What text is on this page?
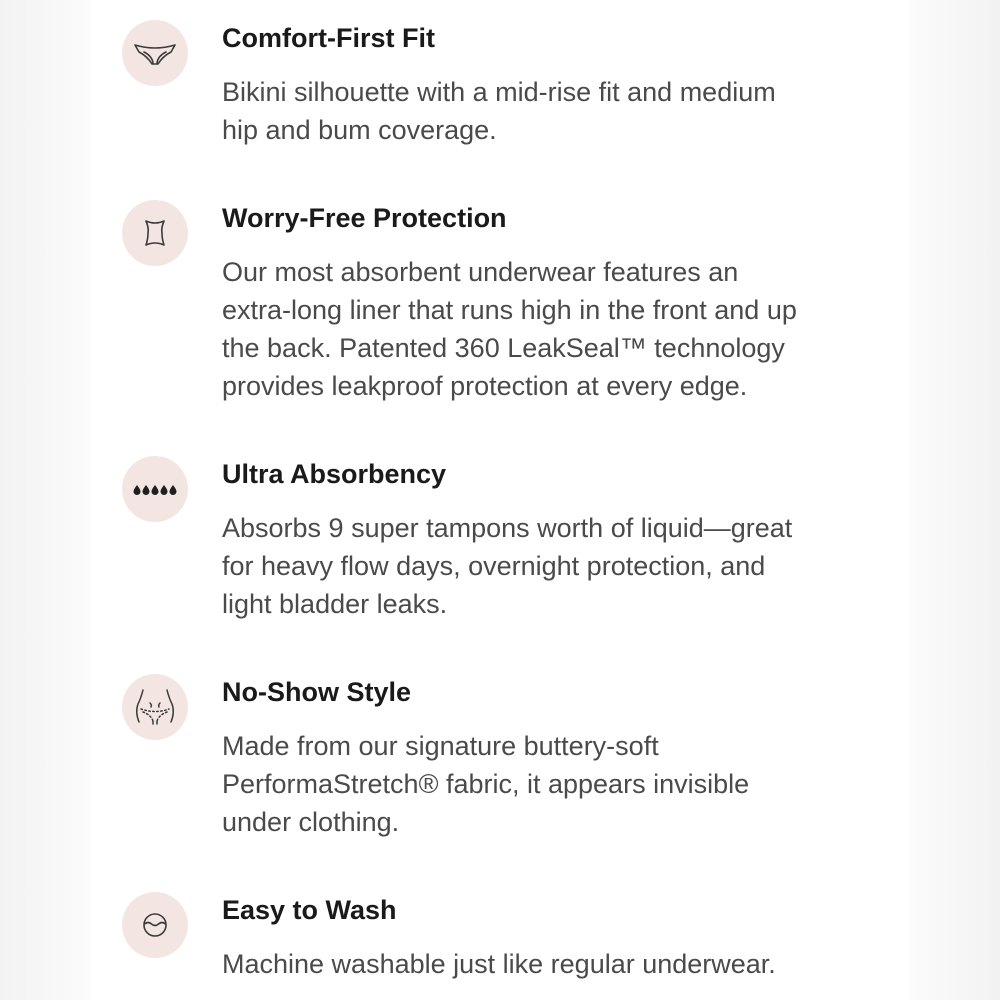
Comfort-First Fit
Bikini silhouette with a mid-rise fit and medium
hip and bum coverage.
Worry-Free Protection
Our most absorbent underwear features an
extra-long liner that runs high in the front and up
the back. Patented 360 LeakSeal™ technology
provides leakproof protection at every edge.
Ultra Absorbency
Absorbs 9 super tampons worth of liquid—great
for heavy flow days, overnight protection, and
light bladder leaks.
No-Show Style
Made from our signature buttery-soft
PerformaStretch® fabric, it appears invisible
under clothing.
Easy to Wash
Machine washable just like regular underwear.
